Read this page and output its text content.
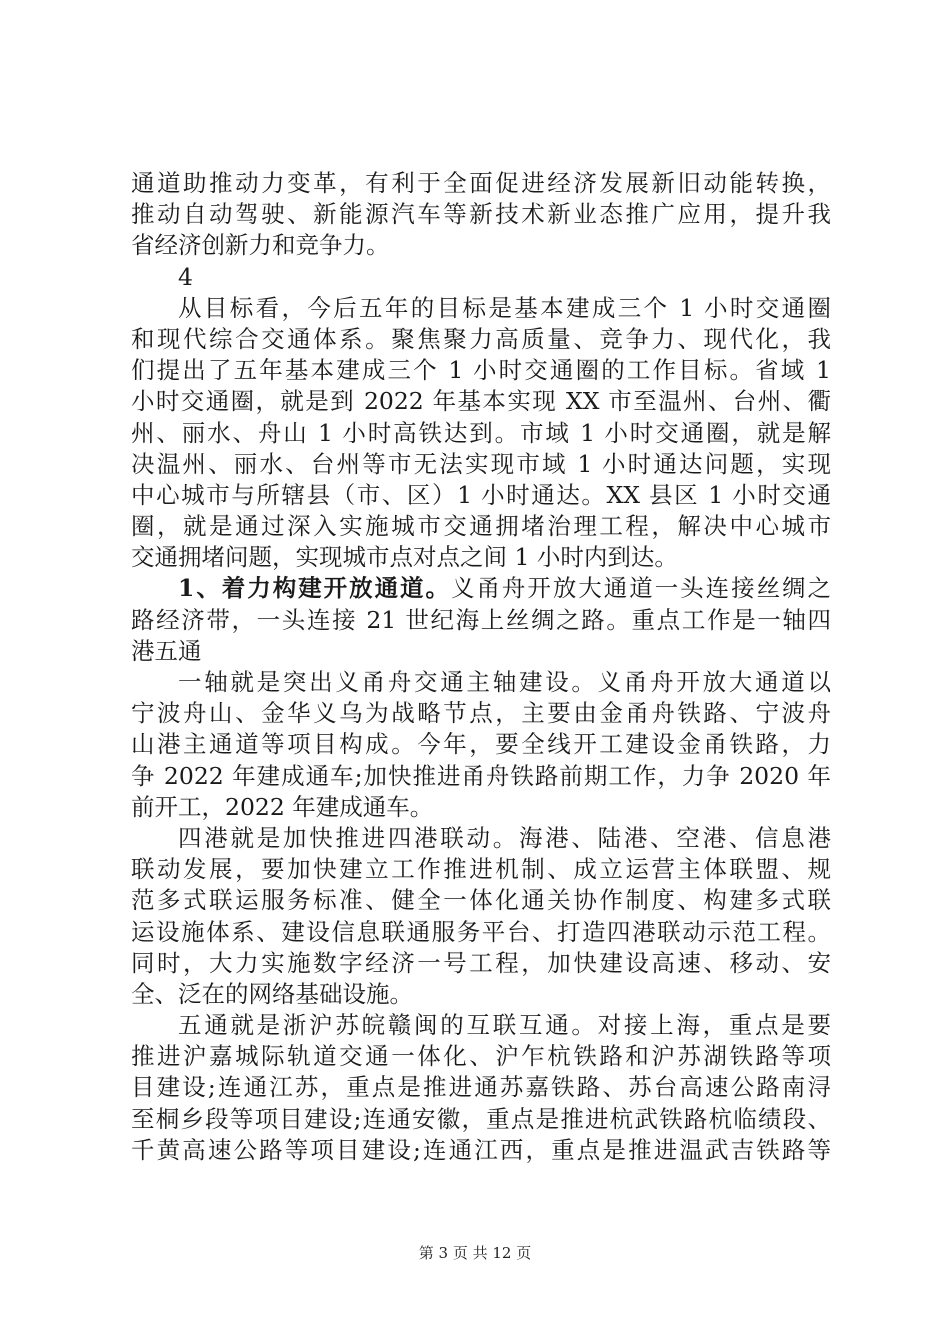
通道助推动力变革，有利于全面促进经济发展新旧动能转换，
推动自动驾驶、新能源汽车等新技术新业态推广应用，提升我
省经济创新力和竞争力。
4
从目标看，今后五年的目标是基本建成三个 1 小时交通圈
和现代综合交通体系。聚焦聚力高质量、竞争力、现代化，我
们提出了五年基本建成三个 1 小时交通圈的工作目标。省域 1
小时交通圈，就是到 2022 年基本实现 XX 市至温州、台州、衢
州、丽水、舟山 1 小时高铁达到。市域 1 小时交通圈，就是解
决温州、丽水、台州等市无法实现市域 1 小时通达问题，实现
中心城市与所辖县（市、区）1 小时通达。XX 县区 1 小时交通
圈，就是通过深入实施城市交通拥堵治理工程，解决中心城市
交通拥堵问题，实现城市点对点之间 1 小时内到达。
1、着力构建开放通道。义甬舟开放大通道一头连接丝绸之
路经济带，一头连接 21 世纪海上丝绸之路。重点工作是一轴四
港五通
一轴就是突出义甬舟交通主轴建设。义甬舟开放大通道以
宁波舟山、金华义乌为战略节点，主要由金甬舟铁路、宁波舟
山港主通道等项目构成。今年，要全线开工建设金甬铁路，力
争 2022 年建成通车;加快推进甬舟铁路前期工作，力争 2020 年
前开工，2022 年建成通车。
四港就是加快推进四港联动。海港、陆港、空港、信息港
联动发展，要加快建立工作推进机制、成立运营主体联盟、规
范多式联运服务标准、健全一体化通关协作制度、构建多式联
运设施体系、建设信息联通服务平台、打造四港联动示范工程。
同时，大力实施数字经济一号工程，加快建设高速、移动、安
全、泛在的网络基础设施。
五通就是浙沪苏皖赣闽的互联互通。对接上海，重点是要
推进沪嘉城际轨道交通一体化、沪乍杭铁路和沪苏湖铁路等项
目建设;连通江苏，重点是推进通苏嘉铁路、苏台高速公路南浔
至桐乡段等项目建设;连通安徽，重点是推进杭武铁路杭临绩段、
千黄高速公路等项目建设;连通江西，重点是推进温武吉铁路等
第 3 页 共 12 页
